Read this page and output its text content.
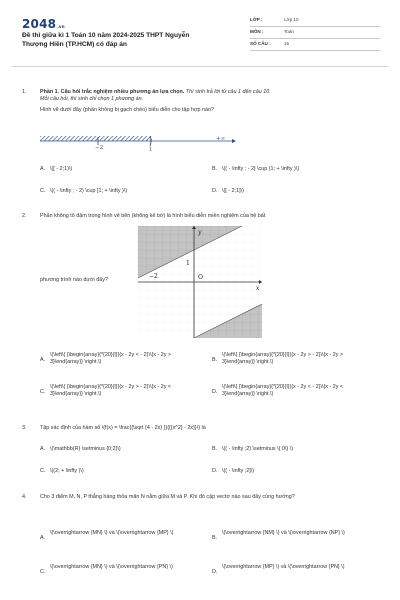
2048.vn
Đề thi giữa kì 1 Toán 10 năm 2024-2025 THPT Nguyễn Thượng Hiền (TP.HCM) có đáp án
LỚP :	Lớp 10
MÔN :	Toán
SỐ CÂU :	15
1.	Phần 1. Câu hỏi trắc nghiệm nhiều phương án lựa chọn. Thí sinh trả lời từ câu 1 đến câu 10.
Mỗi câu hỏi, thí sinh chỉ chọn 1 phương án.
Hình vẽ dưới đây (phần không bị gạch chéo) biểu diễn cho tập hợp nào?
−2	1
+∞
A. \([ - 2;1)\)	B. \(( - \infty ; - 2] \cup (1; + \infty )\)
C. \(( - \infty ; - 2) \cup [1; + \infty )\)	D. \([ - 2;1]\)
2.	Phần không tô đậm trong hình vẽ bên (không kể bờ) là hình biểu diễn miền nghiệm của hệ bất
phương trình nào dưới đây?
y
x
O
−2
1
A.
\(\left\{ {\begin{array}{*{20}{l}}{x - 2y < - 2}\\{x - 2y > 3}\end{array}} \right.\)	B.
\(\left\{ {\begin{array}{*{20}{l}}{x - 2y > - 2}\\{x - 2y > 3}\end{array}} \right.\)
C.
\(\left\{ {\begin{array}{*{20}{l}}{x - 2y > - 2}\\{x - 2y < 3}\end{array}} \right.\)	D.
\(\left\{ {\begin{array}{*{20}{l}}{x - 2y < - 2}\\{x - 2y < 3}\end{array}} \right.\)
3.	Tập xác định của hàm số \(f(x) = \frac{{\sqrt {4 - 2x} }}{{{x^2} - 2x}}\) là
A. \(\mathbb{R} \setminus {0;2}\)	B. \(( - \infty ;2) \setminus \{ 0\} \)
C. \((2; + \infty )\)	D. \(( - \infty ;2]\)
4.	Cho 3 điểm M, N, P thẳng hàng thỏa mãn N nằm giữa M và P. Khi đó cặp vectơ nào sau đây cùng hướng?
A.
\(\overrightarrow {MN} \) và \(\overrightarrow {MP} \)
B.
\(\overrightarrow {NM} \) và \(\overrightarrow {NP} \)
C.
\(\overrightarrow {MN} \) và \(\overrightarrow {PN} \)
D.
\(\overrightarrow {MP} \) và \(\overrightarrow {PN} \)
